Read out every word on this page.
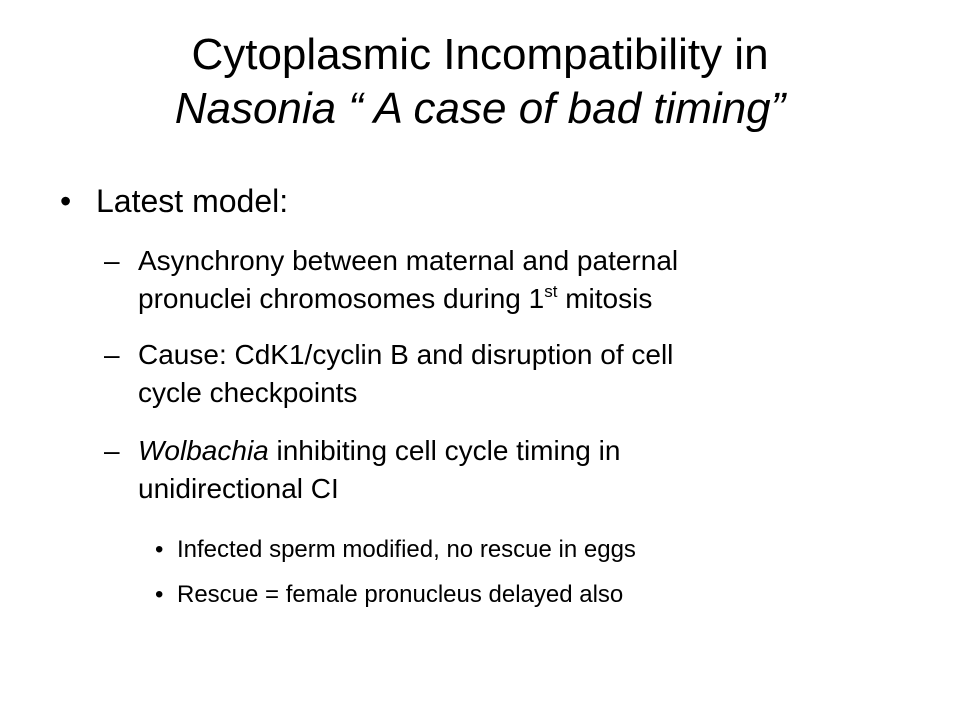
Cytoplasmic Incompatibility in
Nasonia “ A case of bad timing”
• Latest model:
– Asynchrony between maternal and paternal
pronuclei chromosomes during 1st mitosis
– Cause: CdK1/cyclin B and disruption of cell
cycle checkpoints
– Wolbachia inhibiting cell cycle timing in
unidirectional CI
• Infected sperm modified, no rescue in eggs
• Rescue = female pronucleus delayed also
